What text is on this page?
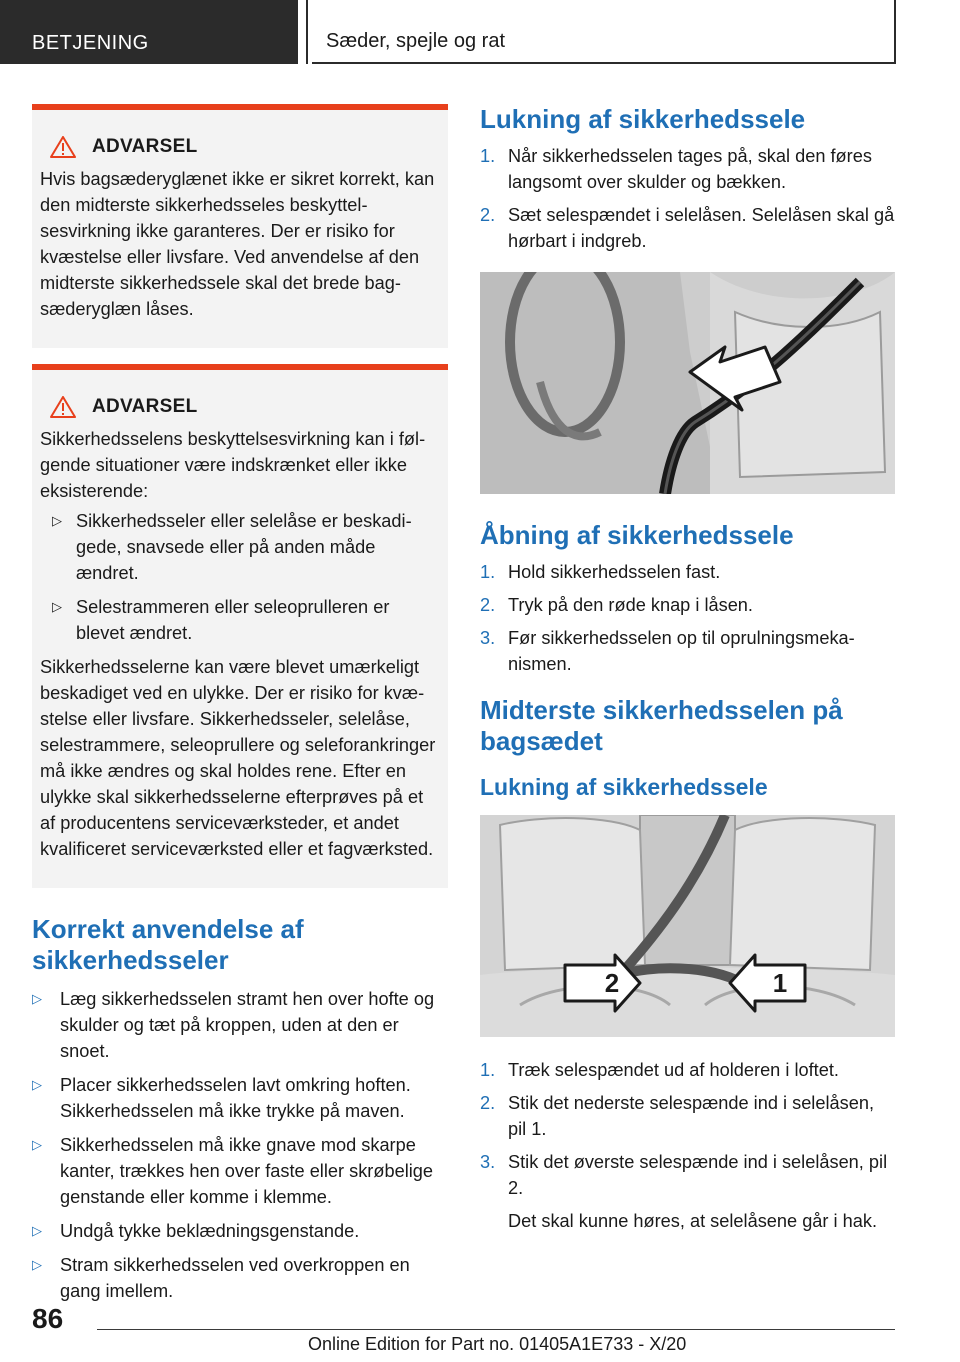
BETJENING	Sæder, spejle og rat
ADVARSEL

Hvis bagsæderyglænet ikke er sikret korrekt, kan den midterste sikkerhedsseles beskyttelsesvirkning ikke garanteres. Der er risiko for kvæstelse eller livsfare. Ved anvendelse af den midterste sikkerhedssele skal det brede bagsæderyglæn låses.

ADVARSEL

Sikkerhedsselens beskyttelsesvirkning kan i følgende situationer være indskrænket eller ikke eksisterende:

▷ Sikkerhedsseler eller selelåse er beskadigede, snavsede eller på anden måde ændret.
▷ Selestrammeren eller seleoprulleren er blevet ændret.

Sikkerhedsselerne kan være blevet umærkeligt beskadiget ved en ulykke. Der er risiko for kvæstelse eller livsfare. Sikkerhedsseler, selelåse, selestrammere, seleoprullere og seleforankringer må ikke ændres og skal holdes rene. Efter en ulykke skal sikkerhedsselerne efterprøves på et af producentens serviceværksteder, et andet kvalificeret serviceværksted eller et fagværksted.

Korrekt anvendelse af sikkerhedsseler
▷ Læg sikkerhedsselen stramt hen over hofte og skulder og tæt på kroppen, uden at den er snoet.
▷ Placer sikkerhedsselen lavt omkring hoften. Sikkerhedsselen må ikke trykke på maven.
▷ Sikkerhedsselen må ikke gnave mod skarpe kanter, trækkes hen over faste eller skrøbelige genstande eller komme i klemme.
▷ Undgå tykke beklædningsgenstande.
▷ Stram sikkerhedsselen ved overkroppen en gang imellem.
Lukning af sikkerhedssele
1. Når sikkerhedsselen tages på, skal den føres langsomt over skulder og bækken.
2. Sæt selespændet i selelåsen. Selelåsen skal gå hørbart i indgreb.
Åbning af sikkerhedssele
1. Hold sikkerhedsselen fast.
2. Tryk på den røde knap i låsen.
3. Før sikkerhedsselen op til oprulningsmekanismen.
Midterste sikkerhedsselen på bagsædet
Lukning af sikkerhedssele
2	1
1. Træk selespændet ud af holderen i loftet.
2. Stik det nederste selespænde ind i selelåsen, pil 1.
3. Stik det øverste selespænde ind i selelåsen, pil 2.
Det skal kunne høres, at selelåsene går i hak.
86
Online Edition for Part no. 01405A1E733 - X/20
